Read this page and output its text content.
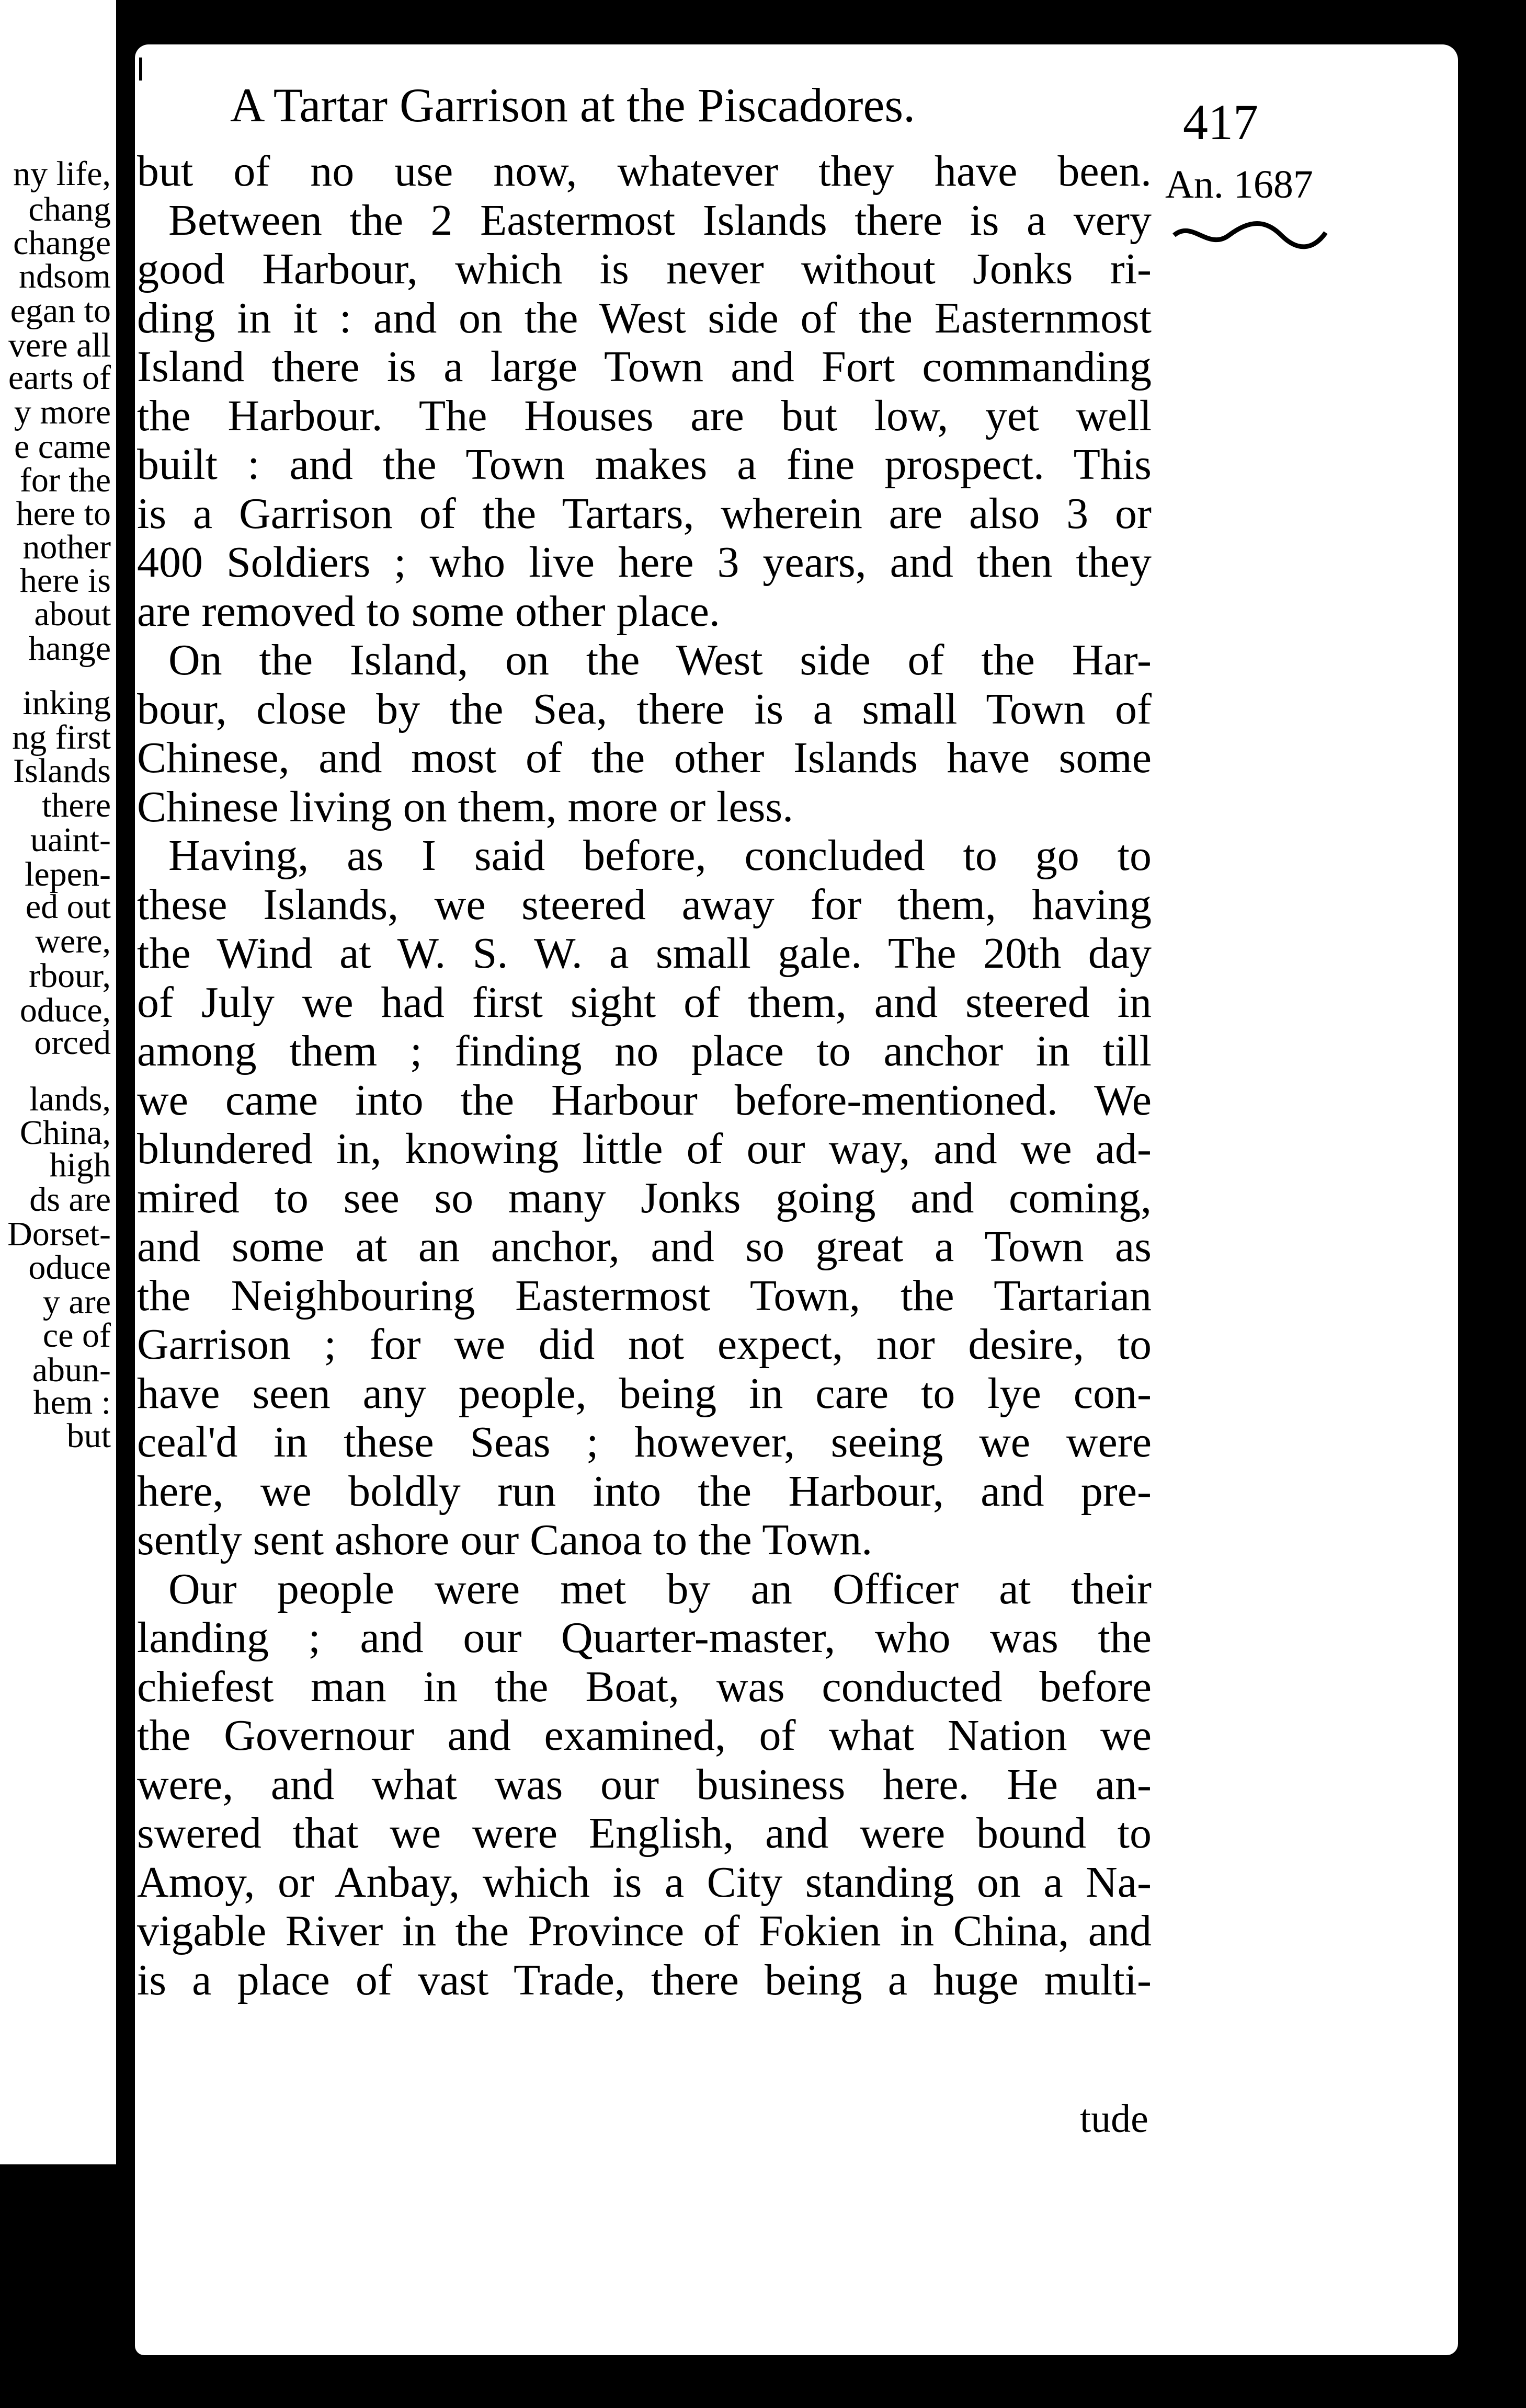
ny life,
chang
change
ndsom
egan to
vere all
earts of
y more
e came
for the
here to
nother
here is
about
hange
inking
ng first
Islands
there
uaint-
lepen-
ed out
were,
rbour,
oduce,
orced
lands,
China,
high
ds are
Dorset-
oduce
y are
ce of
abun-
hem :
but
A Tartar Garrison at the Piscadores.	417
An. 1687
but of no use now, whatever they have been.
Between the 2 Eastermost Islands there is a very
good Harbour, which is never without Jonks ri-
ding in it : and on the West side of the Easternmost
Island there is a large Town and Fort commanding
the Harbour. The Houses are but low, yet well
built : and the Town makes a fine prospect. This
is a Garrison of the Tartars, wherein are also 3 or
400 Soldiers ; who live here 3 years, and then they
are removed to some other place.
On the Island, on the West side of the Har-
bour, close by the Sea, there is a small Town of
Chinese, and most of the other Islands have some
Chinese living on them, more or less.
Having, as I said before, concluded to go to
these Islands, we steered away for them, having
the Wind at W. S. W. a small gale. The 20th day
of July we had first sight of them, and steered in
among them ; finding no place to anchor in till
we came into the Harbour before-mentioned. We
blundered in, knowing little of our way, and we ad-
mired to see so many Jonks going and coming,
and some at an anchor, and so great a Town as
the Neighbouring Eastermost Town, the Tartarian
Garrison ; for we did not expect, nor desire, to
have seen any people, being in care to lye con-
ceal'd in these Seas ; however, seeing we were
here, we boldly run into the Harbour, and pre-
sently sent ashore our Canoa to the Town.
Our people were met by an Officer at their
landing ; and our Quarter-master, who was the
chiefest man in the Boat, was conducted before
the Governour and examined, of what Nation we
were, and what was our business here. He an-
swered that we were English, and were bound to
Amoy, or Anbay, which is a City standing on a Na-
vigable River in the Province of Fokien in China, and
is a place of vast Trade, there being a huge multi-
tude
